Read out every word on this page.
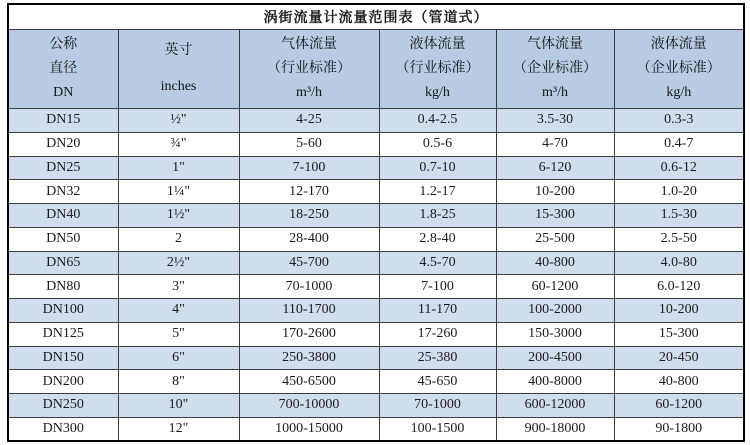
涡街流量计流量范围表（管道式）					

公称
直径
DN

英寸
inches

气体流量
（行业标准）
m³/h

液体流量
（行业标准）
kg/h

气体流量
（企业标准）
m³/h

液体流量
（企业标准）
kg/h

DN15	½"	4-25	0.4-2.5	3.5-30	0.3-3
DN20	¾"	5-60	0.5-6	4-70	0.4-7
DN25	1"	7-100	0.7-10	6-120	0.6-12
DN32	1¼"	12-170	1.2-17	10-200	1.0-20
DN40	1½"	18-250	1.8-25	15-300	1.5-30
DN50	2	28-400	2.8-40	25-500	2.5-50
DN65	2½"	45-700	4.5-70	40-800	4.0-80
DN80	3"	70-1000	7-100	60-1200	6.0-120
DN100	4"	110-1700	11-170	100-2000	10-200
DN125	5"	170-2600	17-260	150-3000	15-300
DN150	6"	250-3800	25-380	200-4500	20-450
DN200	8"	450-6500	45-650	400-8000	40-800
DN250	10"	700-10000	70-1000	600-12000	60-1200
DN300	12"	1000-15000	100-1500	900-18000	90-1800
